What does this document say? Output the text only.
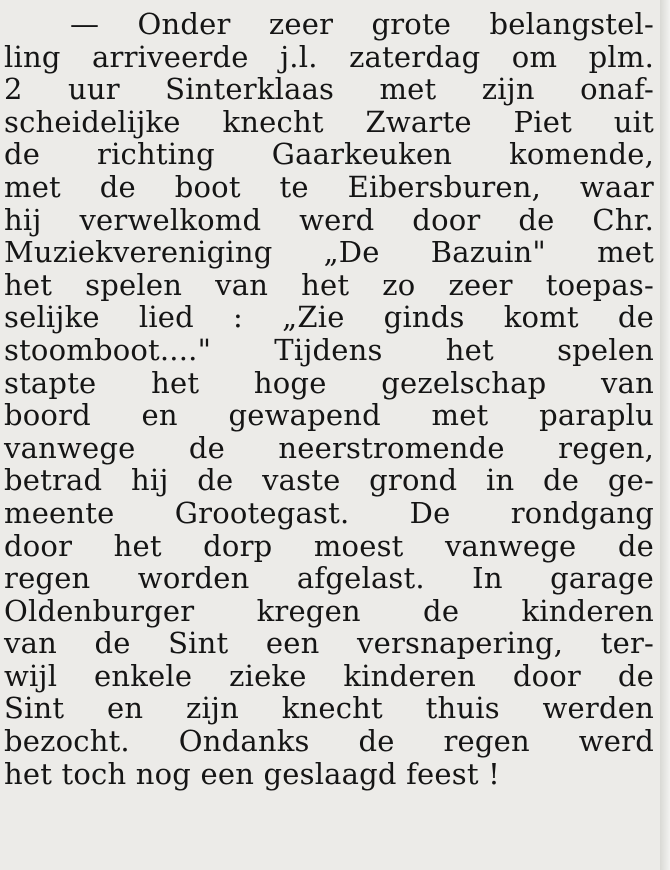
— Onder zeer grote belangstel-
ling arriveerde j.l. zaterdag om plm.
2 uur Sinterklaas met zijn onaf-
scheidelijke knecht Zwarte Piet uit
de richting Gaarkeuken komende,
met de boot te Eibersburen, waar
hij verwelkomd werd door de Chr.
Muziekvereniging „De Bazuin" met
het spelen van het zo zeer toepas-
selijke lied : „Zie ginds komt de
stoomboot...." Tijdens het spelen
stapte het hoge gezelschap van
boord en gewapend met paraplu
vanwege de neerstromende regen,
betrad hij de vaste grond in de ge-
meente Grootegast. De rondgang
door het dorp moest vanwege de
regen worden afgelast. In garage
Oldenburger kregen de kinderen
van de Sint een versnapering, ter-
wijl enkele zieke kinderen door de
Sint en zijn knecht thuis werden
bezocht. Ondanks de regen werd
het toch nog een geslaagd feest !
